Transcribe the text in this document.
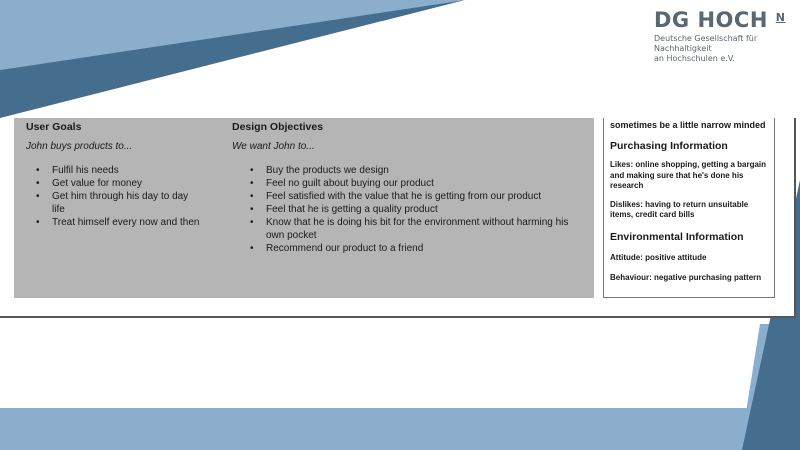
DG HOCH $^N$
Deutsche Gesellschaft für Nachhaltigkeit
an Hochschulen e.V.
User Goals
John buys products to...
• Fulfil his needs
• Get value for money
• Get him through his day to day life
• Treat himself every now and then
Design Objectives
We want John to...
• Buy the products we design
• Feel no guilt about buying our product
• Feel satisfied with the value that he is getting from our product
• Feel that he is getting a quality product
• Know that he is doing his bit for the environment without harming his own pocket
• Recommend our product to a friend
sometimes be a little narrow minded
Purchasing Information
Likes: online shopping, getting a bargain and making sure that he's done his research
Dislikes: having to return unsuitable items, credit card bills
Environmental Information
Attitude: positive attitude
Behaviour: negative purchasing pattern
